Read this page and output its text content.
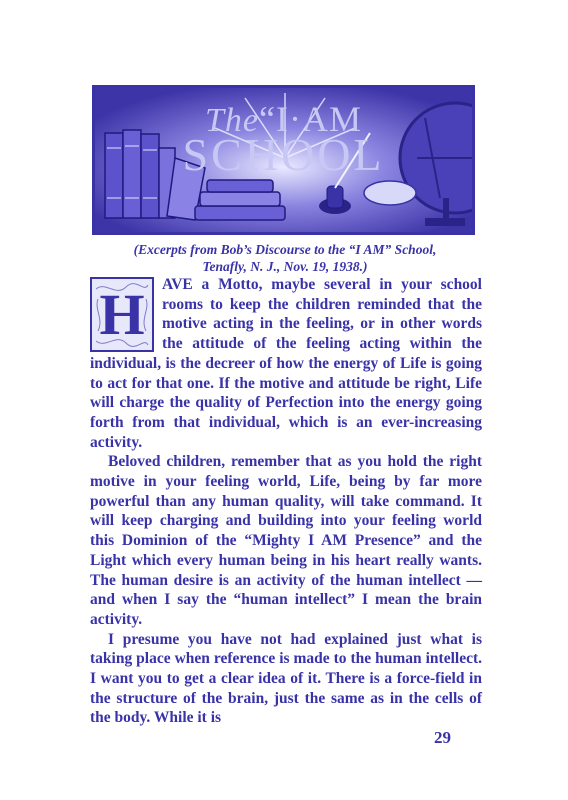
The“I·AM
SCHOOL
(Excerpts from Bob’s Discourse to the “I AM” School,
Tenafly, N. J., Nov. 19, 1938.)

H	AVE a Motto, maybe several in your school rooms to keep the children reminded that the motive acting in the feeling, or in other words the attitude of the feeling acting within the individual, is the decreer of how the energy of Life is going to act for that one. If the motive and attitude be right, Life will charge the quality of Perfection into the energy going forth from that individual, which is an ever-increasing activity.

Beloved children, remember that as you hold the right motive in your feeling world, Life, being by far more powerful than any human quality, will take command. It will keep charging and building into your feeling world this Dominion of the “Mighty I AM Presence” and the Light which every human being in his heart really wants. The human desire is an activity of the human intellect —and when I say the “human intellect” I mean the brain activity.

I presume you have not had explained just what is taking place when reference is made to the human intellect. I want you to get a clear idea of it. There is a force-field in the structure of the brain, just the same as in the cells of the body. While it is

29
